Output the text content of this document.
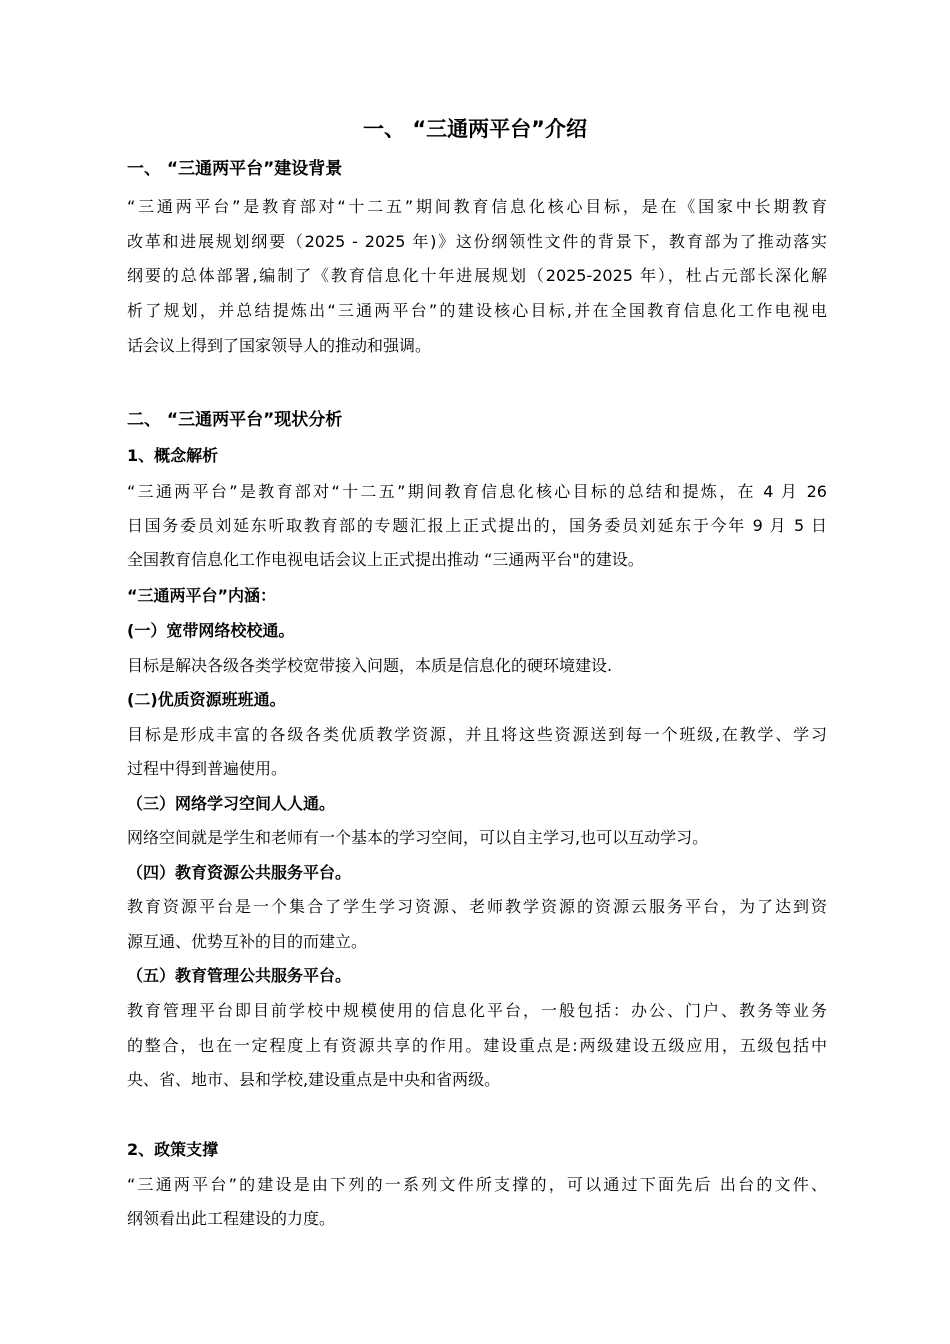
一、 “三通两平台”介绍
一、 “三通两平台”建设背景
“三通两平台”是教育部对“十二五”期间教育信息化核心目标，是在《国家中长期教育
改革和进展规划纲要（2025 - 2025 年)》这份纲领性文件的背景下，教育部为了推动落实
纲要的总体部署,编制了《教育信息化十年进展规划（2025-2025 年），杜占元部长深化解
析了规划，并总结提炼出“三通两平台”的建设核心目标,并在全国教育信息化工作电视电
话会议上得到了国家领导人的推动和强调。
二、 “三通两平台”现状分析
1、概念解析
“三通两平台”是教育部对“十二五”期间教育信息化核心目标的总结和提炼，在 4 月 26
日国务委员刘延东听取教育部的专题汇报上正式提出的，国务委员刘延东于今年 9 月 5 日
全国教育信息化工作电视电话会议上正式提出推动 “三通两平台"的建设。
“三通两平台”内涵：
(一）宽带网络校校通。
目标是解决各级各类学校宽带接入问题，本质是信息化的硬环境建设.
(二)优质资源班班通。
目标是形成丰富的各级各类优质教学资源，并且将这些资源送到每一个班级,在教学、学习
过程中得到普遍使用。
（三）网络学习空间人人通。
网络空间就是学生和老师有一个基本的学习空间，可以自主学习,也可以互动学习。
（四）教育资源公共服务平台。
教育资源平台是一个集合了学生学习资源、老师教学资源的资源云服务平台，为了达到资
源互通、优势互补的目的而建立。
（五）教育管理公共服务平台。
教育管理平台即目前学校中规模使用的信息化平台，一般包括：办公、门户、教务等业务
的整合，也在一定程度上有资源共享的作用。建设重点是:两级建设五级应用，五级包括中
央、省、地市、县和学校,建设重点是中央和省两级。
2、政策支撑
“三通两平台”的建设是由下列的一系列文件所支撑的，可以通过下面先后 出台的文件、
纲领看出此工程建设的力度。
